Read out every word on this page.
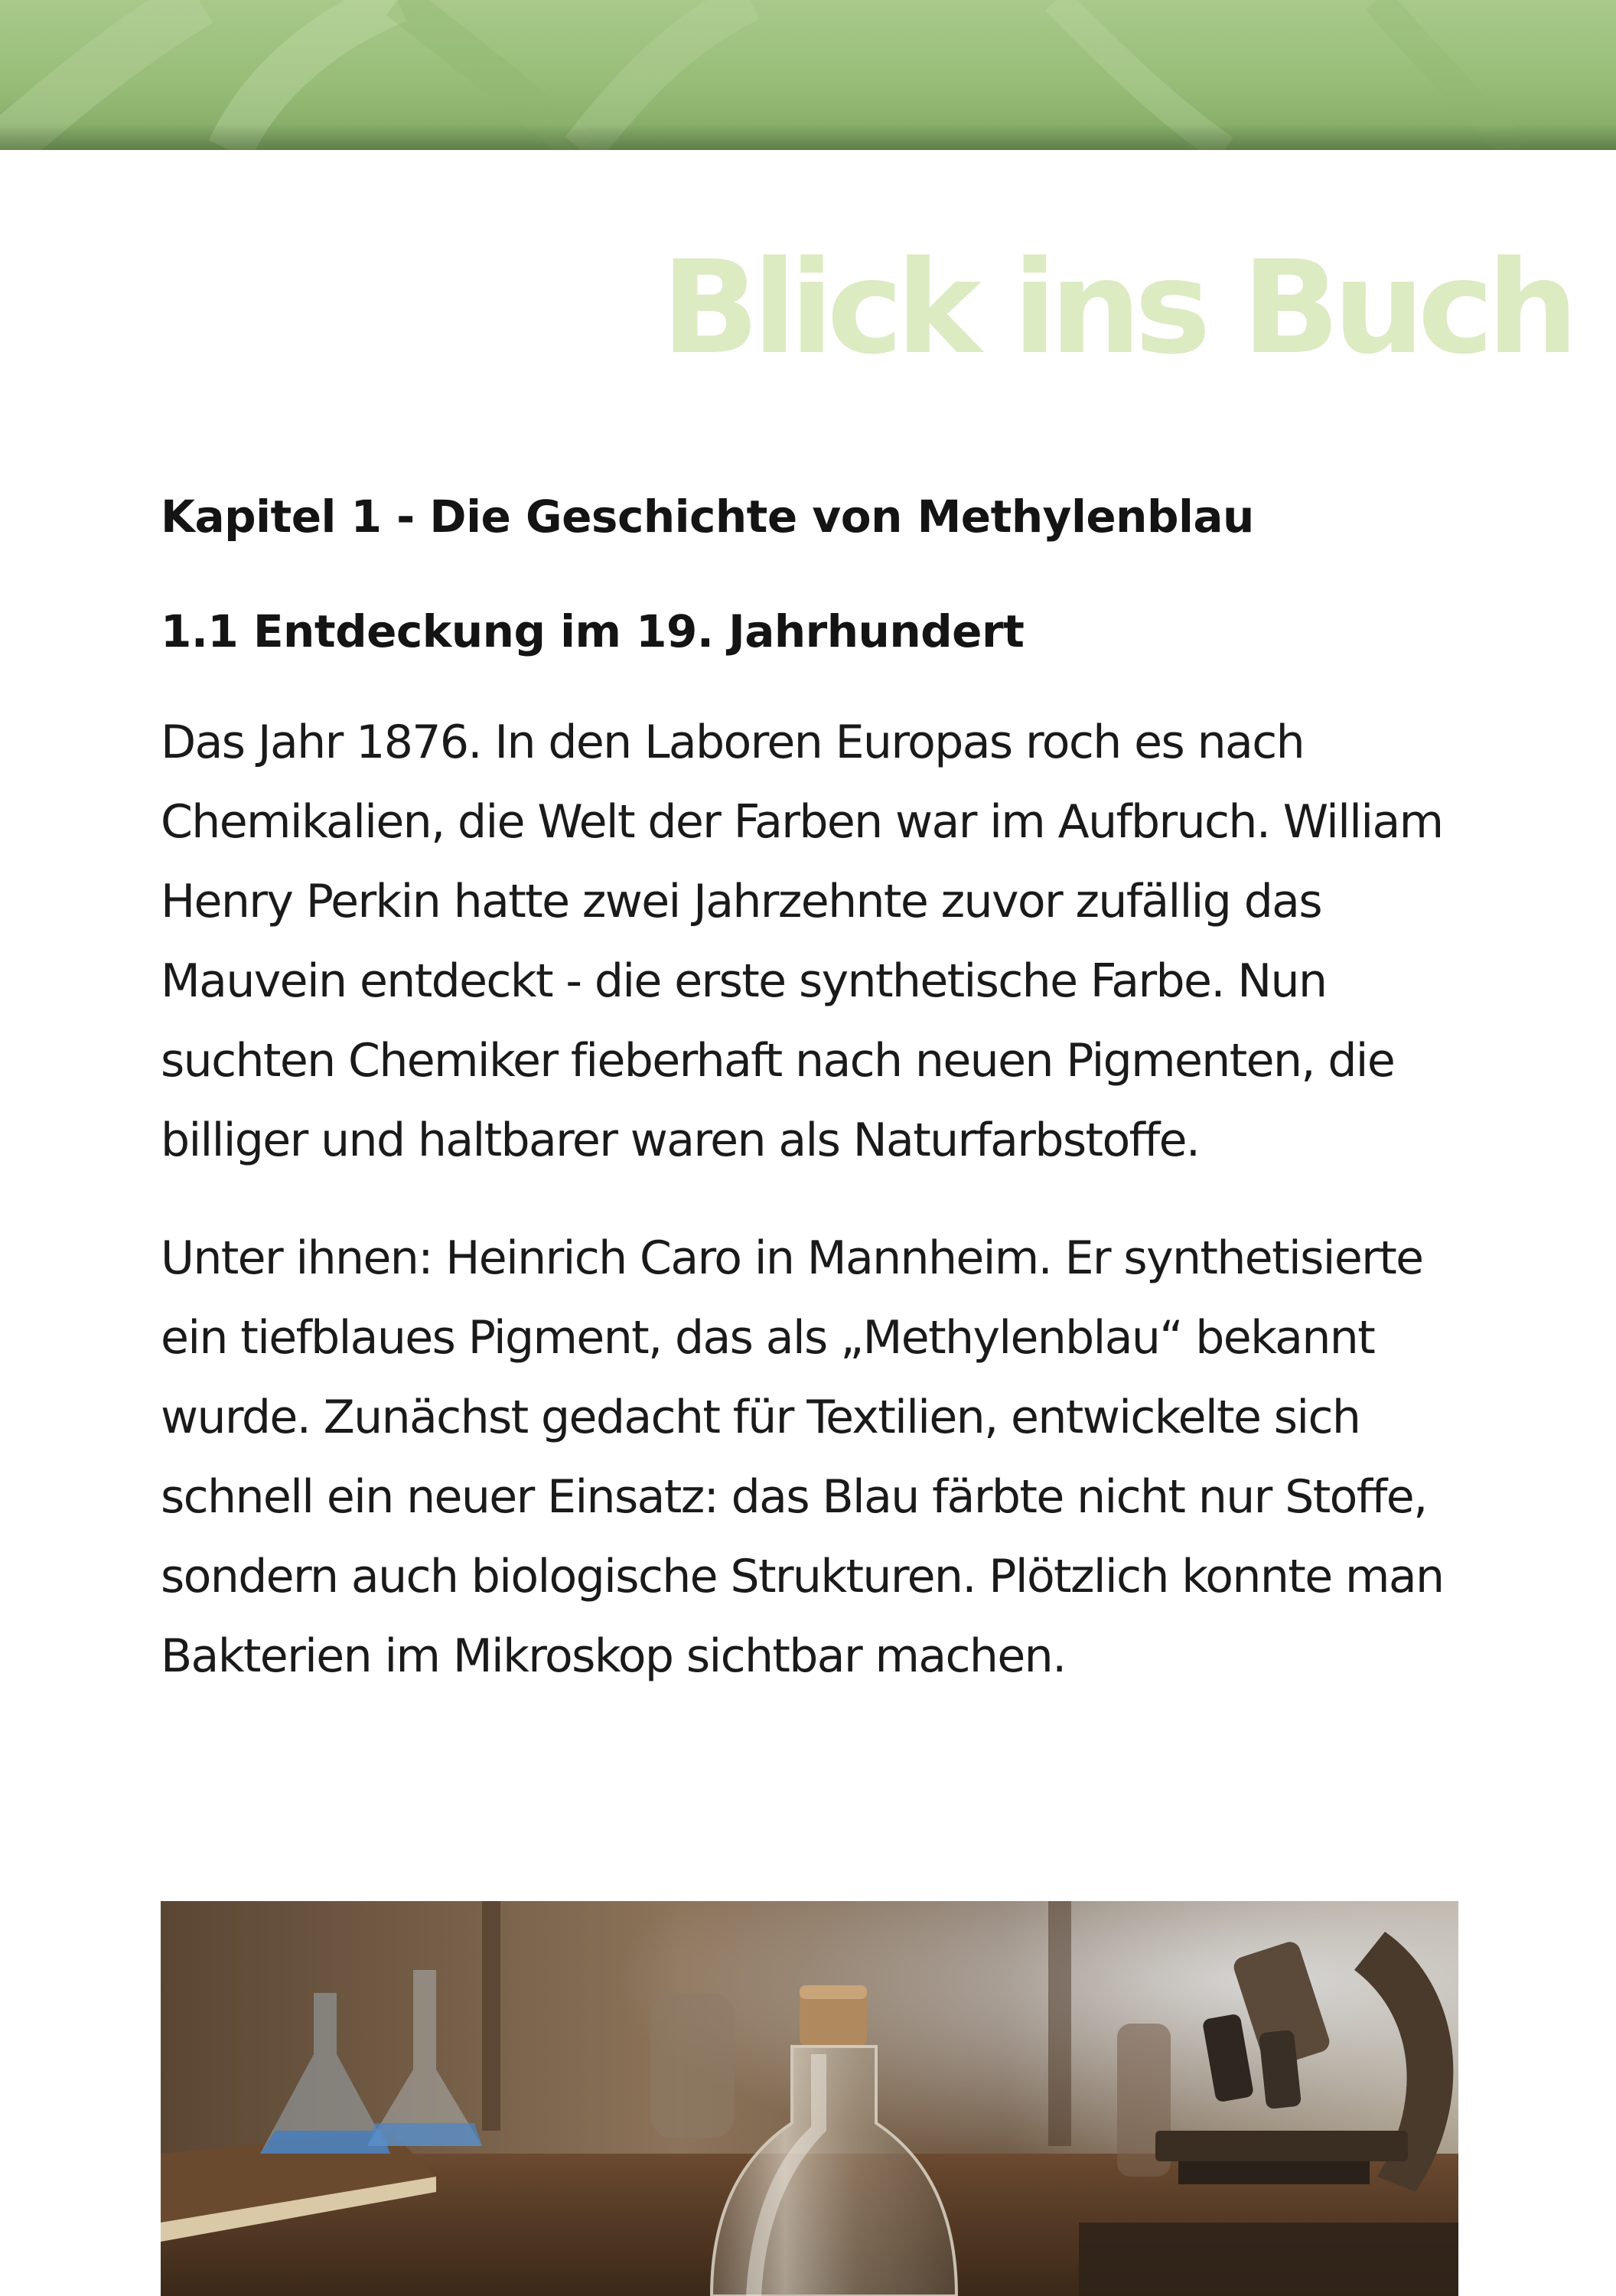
Blick ins Buch
Kapitel 1 - Die Geschichte von Methylenblau
1.1 Entdeckung im 19. Jahrhundert

Das Jahr 1876. In den Laboren Europas roch es nach Chemikalien, die Welt der Farben war im Aufbruch. William Henry Perkin hatte zwei Jahrzehnte zuvor zufällig das Mauvein entdeckt - die erste synthetische Farbe. Nun suchten Chemiker fieberhaft nach neuen Pigmenten, die billiger und haltbarer waren als Naturfarbstoffe.

Unter ihnen: Heinrich Caro in Mannheim. Er synthetisierte ein tiefblaues Pigment, das als „Methylenblau“ bekannt wurde. Zunächst gedacht für Textilien, entwickelte sich schnell ein neuer Einsatz: das Blau färbte nicht nur Stoffe, sondern auch biologische Strukturen. Plötzlich konnte man Bakterien im Mikroskop sichtbar machen.
